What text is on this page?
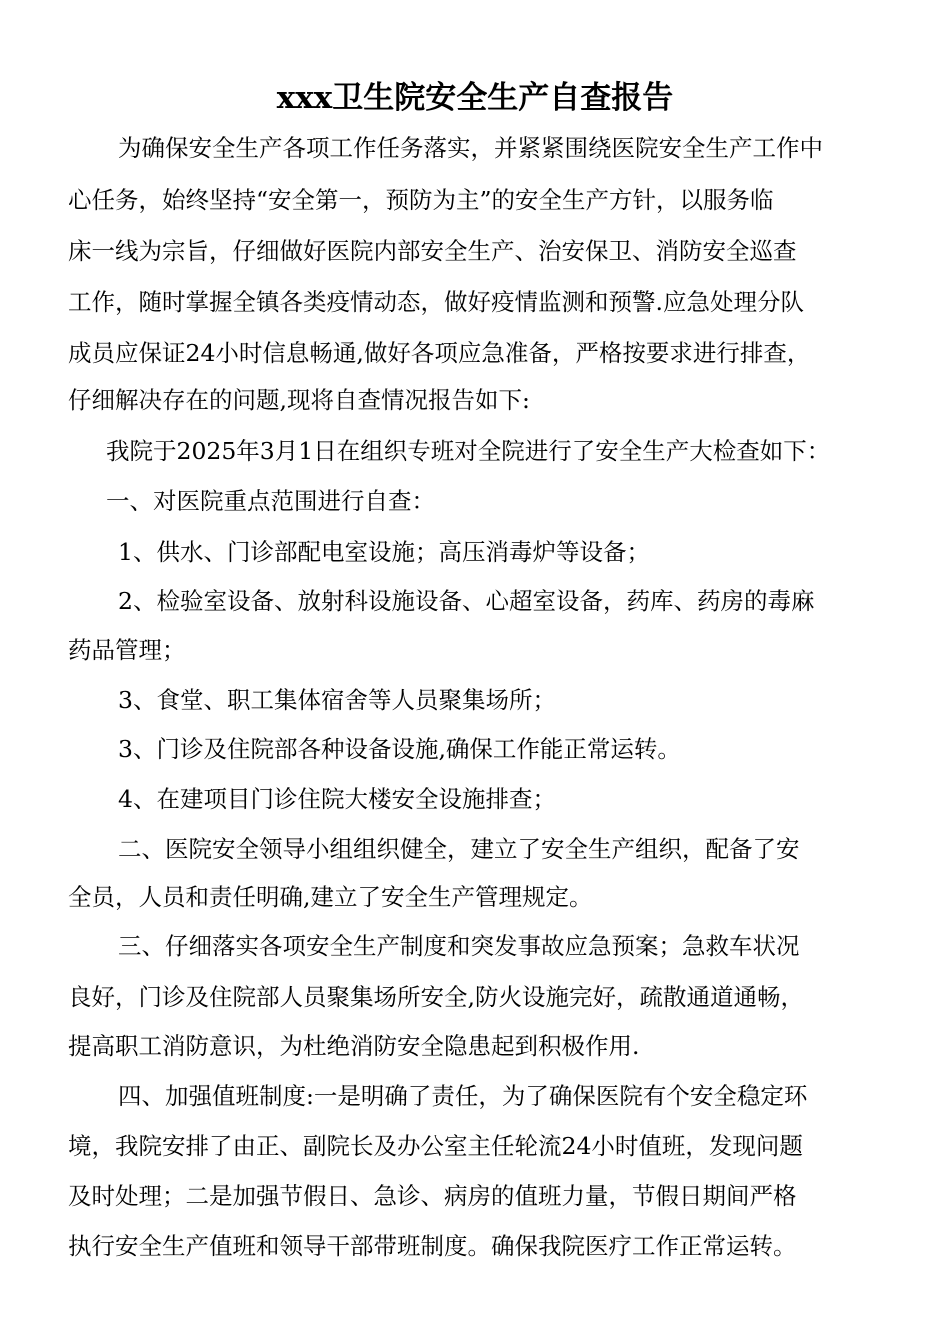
xxx卫生院安全生产自查报告
为确保安全生产各项工作任务落实，并紧紧围绕医院安全生产工作中
心任务，始终坚持“安全第一，预防为主”的安全生产方针，以服务临
床一线为宗旨，仔细做好医院内部安全生产、治安保卫、消防安全巡查
工作，随时掌握全镇各类疫情动态，做好疫情监测和预警.应急处理分队
成员应保证24小时信息畅通,做好各项应急准备，严格按要求进行排查，
仔细解决存在的问题,现将自查情况报告如下:
我院于2025年3月1日在组织专班对全院进行了安全生产大检查如下：
一、对医院重点范围进行自查：
1、供水、门诊部配电室设施；高压消毒炉等设备；
2、检验室设备、放射科设施设备、心超室设备，药库、药房的毒麻
药品管理；
3、食堂、职工集体宿舍等人员聚集场所；
3、门诊及住院部各种设备设施,确保工作能正常运转。
4、在建项目门诊住院大楼安全设施排查；
二、医院安全领导小组组织健全，建立了安全生产组织，配备了安
全员，人员和责任明确,建立了安全生产管理规定。
三、仔细落实各项安全生产制度和突发事故应急预案；急救车状况
良好，门诊及住院部人员聚集场所安全,防火设施完好，疏散通道通畅，
提高职工消防意识，为杜绝消防安全隐患起到积极作用.
四、加强值班制度:一是明确了责任，为了确保医院有个安全稳定环
境，我院安排了由正、副院长及办公室主任轮流24小时值班，发现问题
及时处理；二是加强节假日、急诊、病房的值班力量，节假日期间严格
执行安全生产值班和领导干部带班制度。确保我院医疗工作正常运转。
